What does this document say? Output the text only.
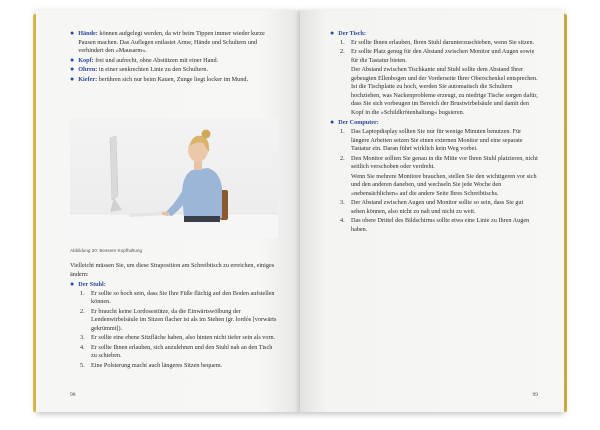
● Hände: können aufgelegt werden, da wir beim Tippen immer wieder kurze Pausen machen. Das Auflegen entlastet Arme, Hände und Schultern und verhindert den »Mausarm«.

● Kopf: frei und aufrecht, ohne Abstützen mit einer Hand.

● Ohren: in einer senkrechten Linie zu den Schultern.

● Kiefer: berühren sich nur beim Kauen, Zunge liegt locker im Mund.

Abbildung 20: Bessere Kopfhaltung

Vielleicht müssen Sie, um diese Straposition am Schreibtisch zu erreichen, einiges ändern:

● Der Stuhl:
1.	Er sollte so hoch sein, dass Sie Ihre Füße flächig auf den Boden aufstellen können.
2.	Er braucht keine Lordosestütze, da die Einwärtswölbung der Lendenwirbelsäule im Sitzen flacher ist als im Stehen (gr. lordós [vorwärts gekrümmt]).
3.	Er sollte eine ebene Sitzfläche haben, also hinten nicht tiefer sein als vorn.
4.	Er sollte Ihnen erlauben, sich anzulehnen und den Stuhl nah an den Tisch zu schieben.
5.	Eine Polsterung macht auch längeres Sitzen bequem.
98
● Der Tisch:
1.	Er sollte Ihnen erlauben, Ihren Stuhl darunterzuschieben, wenn Sie sitzen.
2.	Er sollte Platz genug für den Abstand zwischen Monitor und Augen sowie für die Tastatur bieten.

Der Abstand zwischen Tischkante und Stuhl sollte dem Abstand Ihrer gebeugten Ellenbogen und der Vorderseite Ihrer Oberschenkel entsprechen. Ist die Tischplatte zu hoch, werden Sie automatisch die Schultern hochziehen, was Nackenprobleme erzeugt, zu niedrige Tische sorgen dafür, dass Sie sich vorbeugen im Bereich der Brustwirbelsäule und damit den Kopf in die »Schildkrötenhaltung« bugsieren.

● Der Computer:
1.	Das Laptopdisplay sollten Sie nur für wenige Minuten benutzen. Für längere Arbeiten setzen Sie einen externen Monitor und eine separate Tastatur ein. Daran führt wirklich kein Weg vorbei.
2.	Den Monitor sollten Sie genau in die Mitte vor Ihren Stuhl platzieren, nicht seitlich verschoben oder verdreht.

Wenn Sie mehrere Monitore brauchen, stellen Sie den wichtigeren vor sich und den anderen daneben, und wechseln Sie jede Woche den »nebensächlichen« auf die andere Seite Ihres Schreibtischs.

3.	Der Abstand zwischen Augen und Monitor sollte so sein, dass Sie gut sehen können, also nicht zu nah und nicht zu weit.
4.	Das obere Drittel des Bildschirms sollte etwa eine Linie zu Ihren Augen haben.
99
